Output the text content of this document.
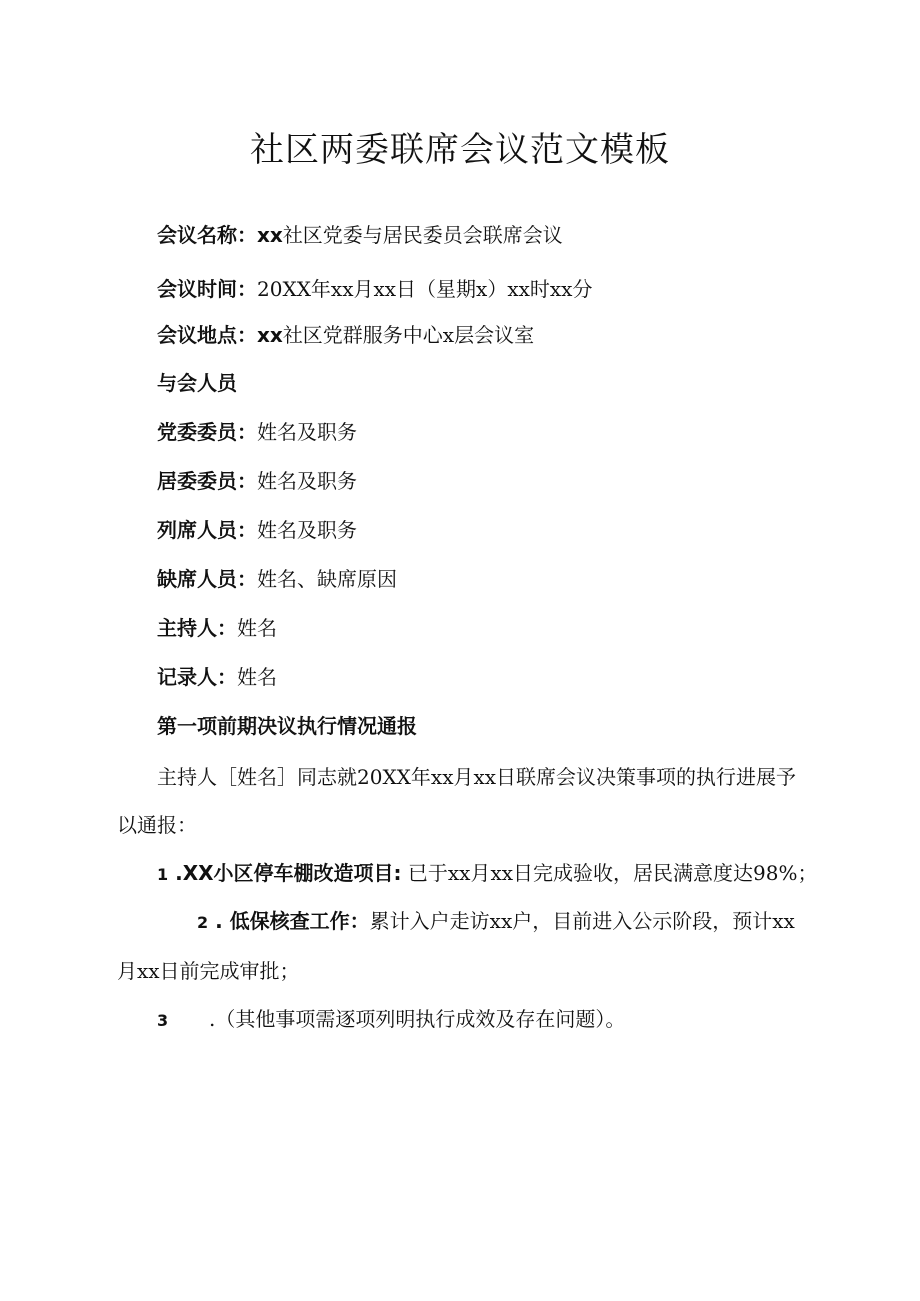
社区两委联席会议范文模板
会议名称：xx社区党委与居民委员会联席会议
会议时间：20XX年xx月xx日（星期x）xx时xx分
会议地点：xx社区党群服务中心x层会议室
与会人员
党委委员：姓名及职务
居委委员：姓名及职务
列席人员：姓名及职务
缺席人员：姓名、缺席原因
主持人：姓名
记录人：姓名
第一项前期决议执行情况通报
主持人［姓名］同志就20XX年xx月xx日联席会议决策事项的执行进展予以通报：
1 .XX小区停车棚改造项目: 已于xx月xx日完成验收，居民满意度达98%；
2 . 低保核查工作：累计入户走访xx户，目前进入公示阶段，预计xx月xx日前完成审批；
3 .（其他事项需逐项列明执行成效及存在问题）。
